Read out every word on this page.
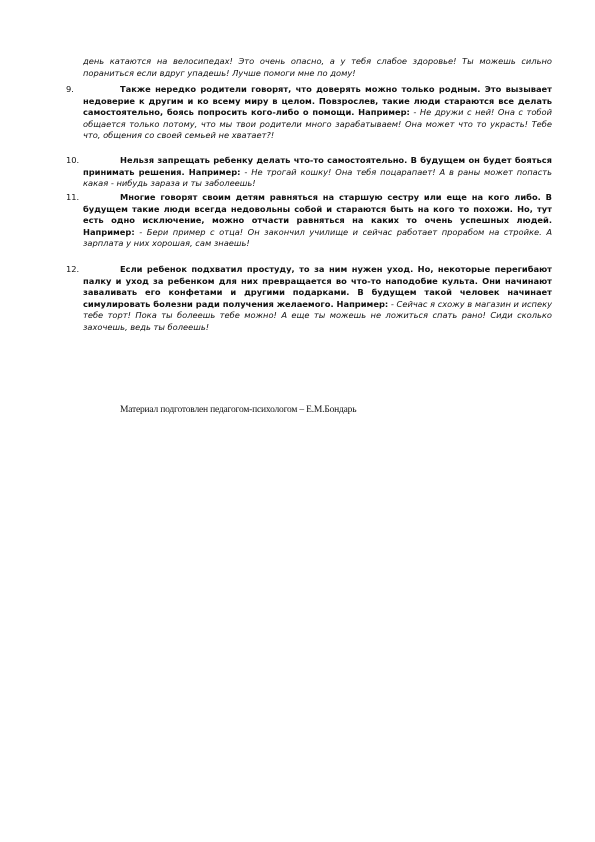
день катаются на велосипедах! Это очень опасно, а у тебя слабое здоровье! Ты можешь сильно пораниться если вдруг упадешь! Лучше помоги мне по дому!
9.	Также нередко родители говорят, что доверять можно только родным. Это вызывает недоверие к другим и ко всему миру в целом. Повзрослев, такие люди стараются все делать самостоятельно, боясь попросить кого-либо о помощи. Например: - Не дружи с ней! Она с тобой общается только потому, что мы твои родители много зарабатываем! Она может что то украсть! Тебе что, общения со своей семьей не хватает?!
10.	Нельзя запрещать ребенку делать что-то самостоятельно. В будущем он будет бояться принимать решения. Например: - Не трогай кошку! Она тебя поцарапает! А в раны может попасть какая - нибудь зараза и ты заболеешь!
11.	Многие говорят своим детям равняться на старшую сестру или еще на кого либо. В будущем такие люди всегда недовольны собой и стараются быть на кого то похожи. Но, тут есть одно исключение, можно отчасти равняться на каких то очень успешных людей. Например: - Бери пример с отца! Он закончил училище и сейчас работает прорабом на стройке. А зарплата у них хорошая, сам знаешь!
12.	Если ребенок подхватил простуду, то за ним нужен уход. Но, некоторые перегибают палку и уход за ребенком для них превращается во что-то наподобие культа. Они начинают заваливать его конфетами и другими подарками. В будущем такой человек начинает симулировать болезни ради получения желаемого. Например: - Сейчас я схожу в магазин и испеку тебе торт! Пока ты болеешь тебе можно! А еще ты можешь не ложиться спать рано! Сиди сколько захочешь, ведь ты болеешь!
Материал подготовлен педагогом-психологом – Е.М.Бондарь
